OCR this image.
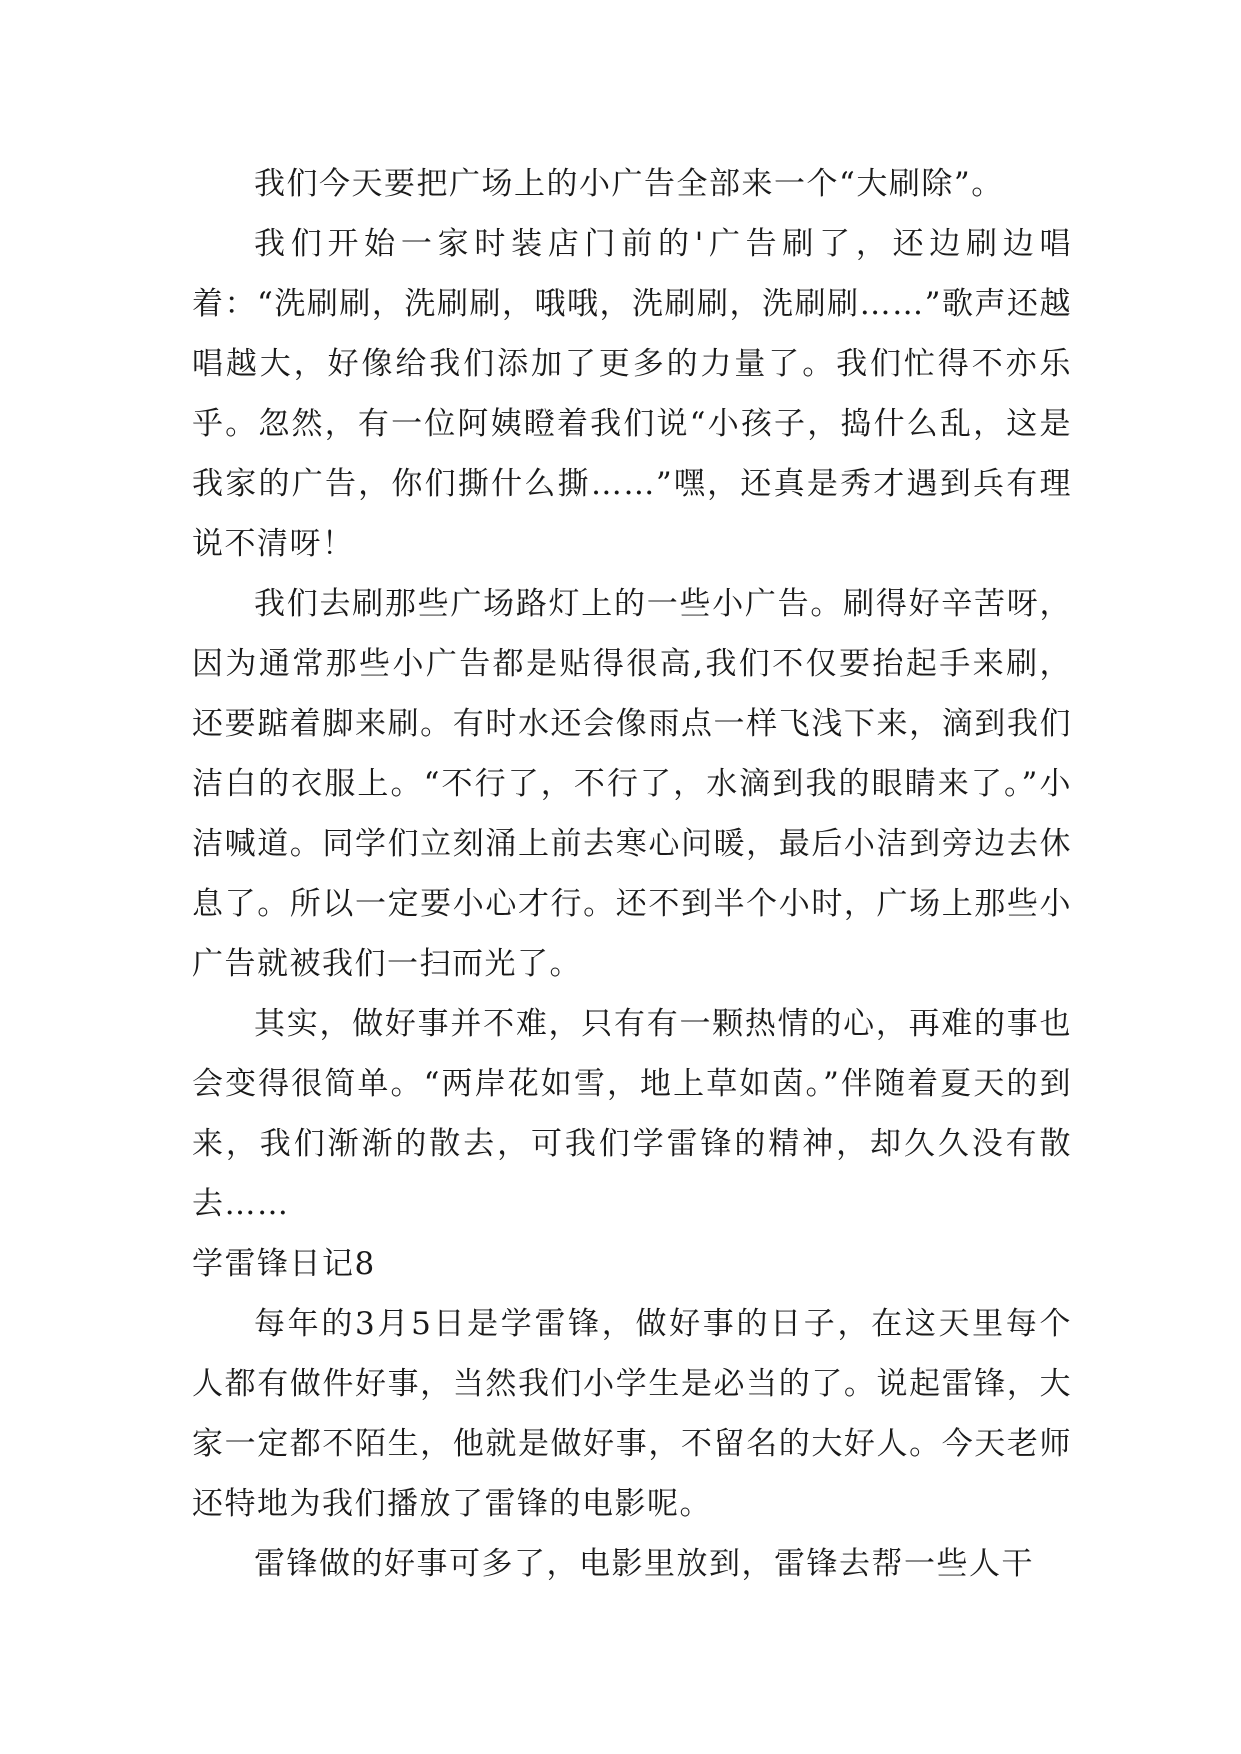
我们今天要把广场上的小广告全部来一个“大刷除”。

我们开始一家时装店门前的'广告刷了，还边刷边唱着：“洗刷刷，洗刷刷，哦哦，洗刷刷，洗刷刷……”歌声还越唱越大，好像给我们添加了更多的力量了。我们忙得不亦乐乎。忽然，有一位阿姨瞪着我们说“小孩子，捣什么乱，这是我家的广告，你们撕什么撕……”嘿，还真是秀才遇到兵有理说不清呀！

我们去刷那些广场路灯上的一些小广告。刷得好辛苦呀，因为通常那些小广告都是贴得很高,我们不仅要抬起手来刷，还要踮着脚来刷。有时水还会像雨点一样飞浅下来，滴到我们洁白的衣服上。“不行了，不行了，水滴到我的眼睛来了。”小洁喊道。同学们立刻涌上前去寒心问暖，最后小洁到旁边去休息了。所以一定要小心才行。还不到半个小时，广场上那些小广告就被我们一扫而光了。

其实，做好事并不难，只有有一颗热情的心，再难的事也会变得很简单。“两岸花如雪，地上草如茵。”伴随着夏天的到来，我们渐渐的散去，可我们学雷锋的精神，却久久没有散去……

学雷锋日记8

每年的3月5日是学雷锋，做好事的日子，在这天里每个人都有做件好事，当然我们小学生是必当的了。说起雷锋，大家一定都不陌生，他就是做好事，不留名的大好人。今天老师还特地为我们播放了雷锋的电影呢。

雷锋做的好事可多了，电影里放到，雷锋去帮一些人干
